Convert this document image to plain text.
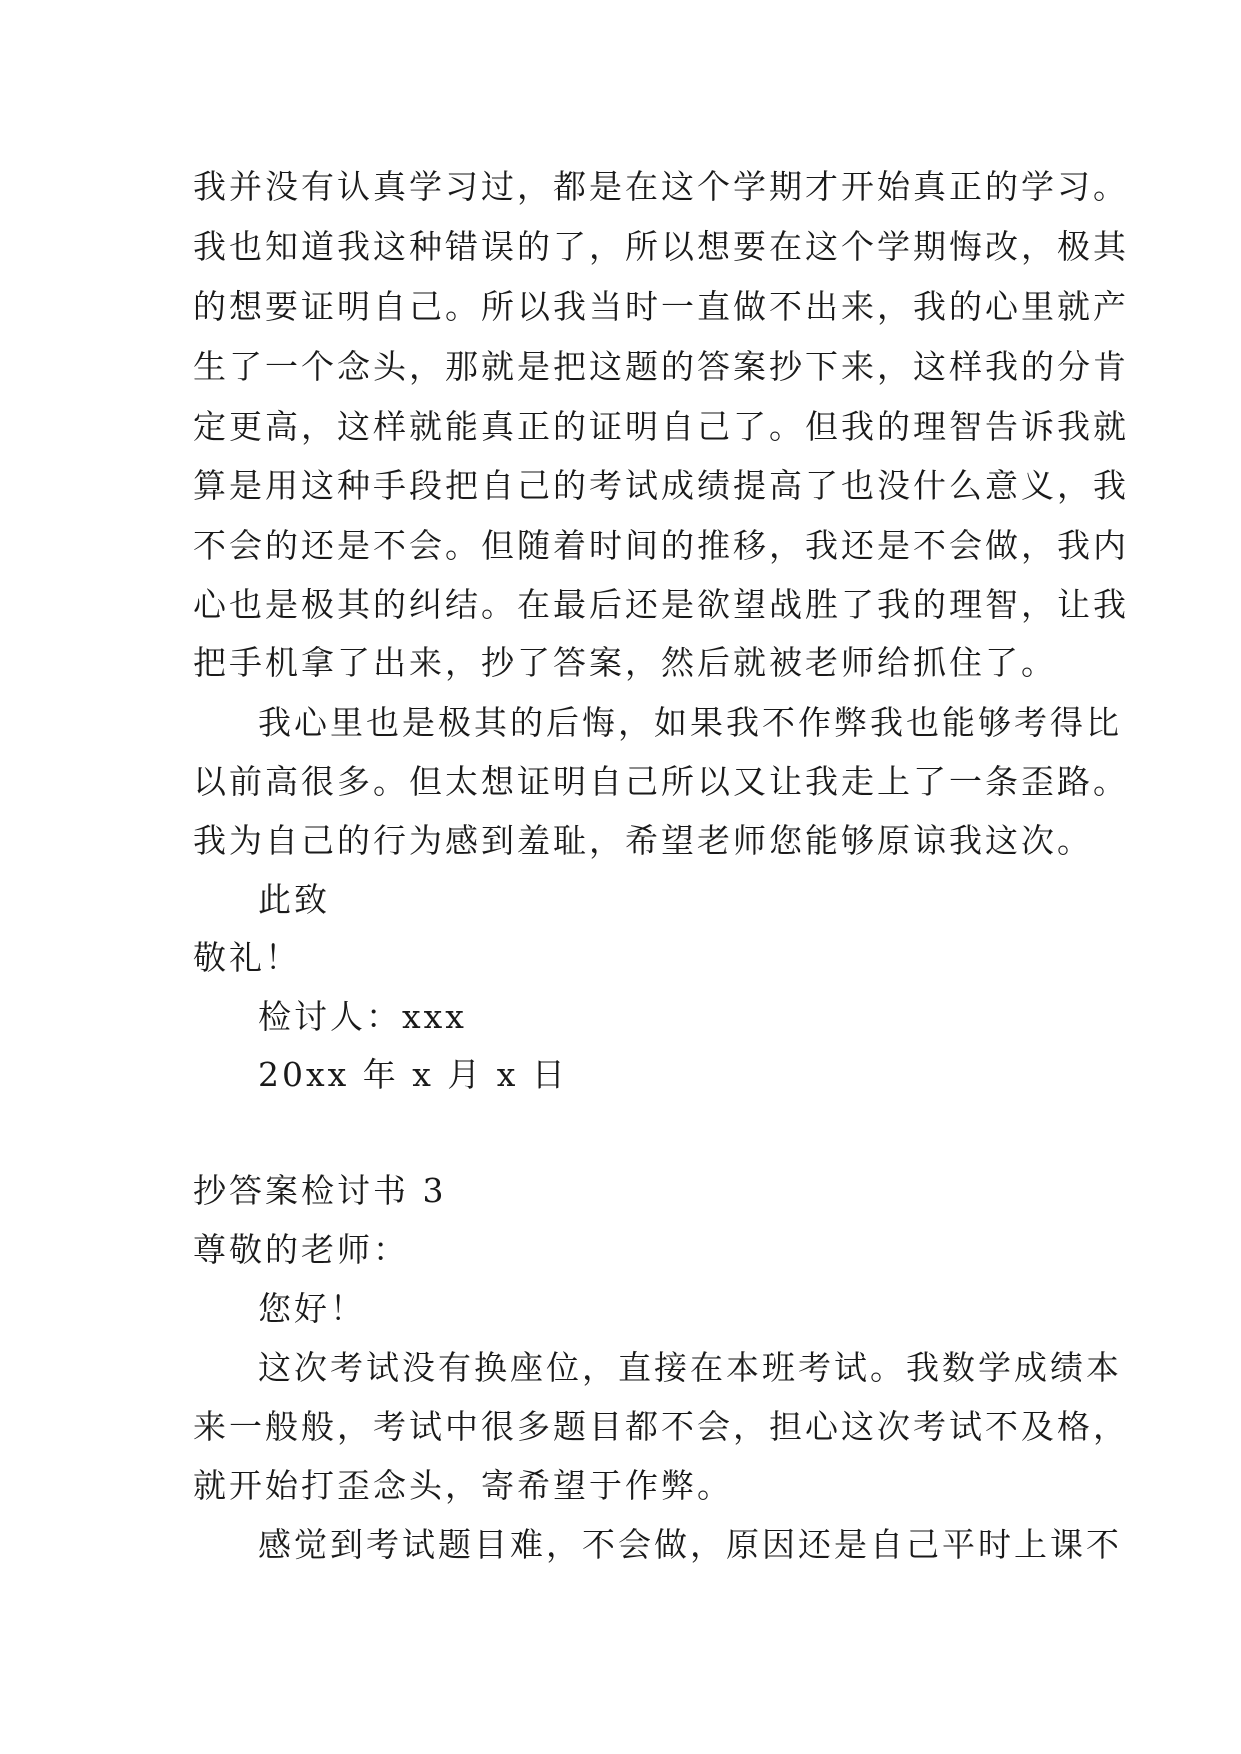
我并没有认真学习过，都是在这个学期才开始真正的学习。
我也知道我这种错误的了，所以想要在这个学期悔改，极其
的想要证明自己。所以我当时一直做不出来，我的心里就产
生了一个念头，那就是把这题的答案抄下来，这样我的分肯
定更高，这样就能真正的证明自己了。但我的理智告诉我就
算是用这种手段把自己的考试成绩提高了也没什么意义，我
不会的还是不会。但随着时间的推移，我还是不会做，我内
心也是极其的纠结。在最后还是欲望战胜了我的理智，让我
把手机拿了出来，抄了答案，然后就被老师给抓住了。
我心里也是极其的后悔，如果我不作弊我也能够考得比
以前高很多。但太想证明自己所以又让我走上了一条歪路。
我为自己的行为感到羞耻，希望老师您能够原谅我这次。
此致
敬礼！
检讨人：xxx
20xx 年 x 月 x 日
抄答案检讨书 3
尊敬的老师：
您好！
这次考试没有换座位，直接在本班考试。我数学成绩本
来一般般，考试中很多题目都不会，担心这次考试不及格，
就开始打歪念头，寄希望于作弊。
感觉到考试题目难，不会做，原因还是自己平时上课不
